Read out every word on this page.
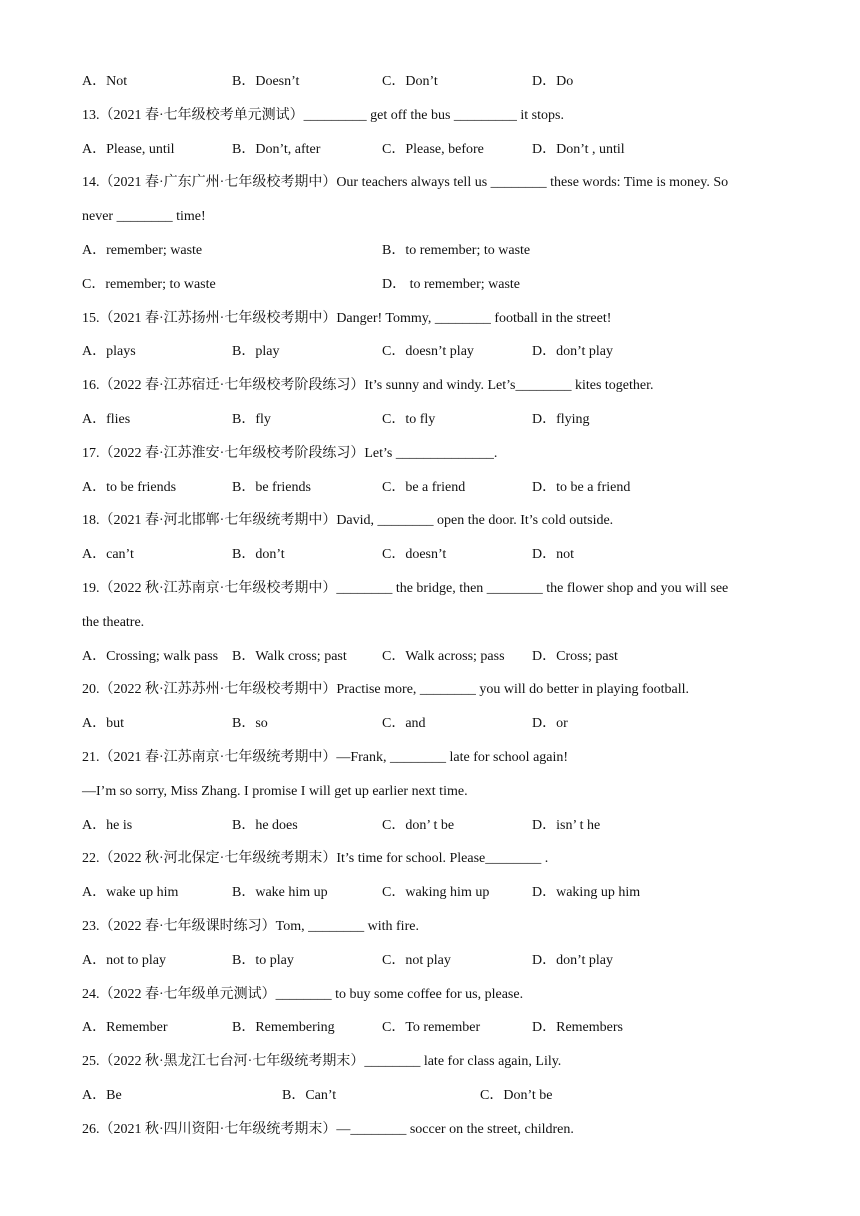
A．Not	B．Doesn’t	C．Don’t	D．Do
13.（2021 春·七年级校考单元测试）_________ get off the bus _________ it stops.
A．Please, until	B．Don’t, after	C．Please, before	D．Don’t , until
14.（2021 春·广东广州·七年级校考期中）Our teachers always tell us ________ these words: Time is money. So
never ________ time!
A．remember; waste	B．to remember; to waste
C．remember; to waste	D． to remember; waste
15.（2021 春·江苏扬州·七年级校考期中）Danger! Tommy, ________ football in the street!
A．plays	B．play	C．doesn’t play	D．don’t play
16.（2022 春·江苏宿迁·七年级校考阶段练习）It’s sunny and windy. Let’s________ kites together.
A．flies	B．fly	C．to fly	D．flying
17.（2022 春·江苏淮安·七年级校考阶段练习）Let’s ______________.
A．to be friends	B．be friends	C．be a friend	D．to be a friend
18.（2021 春·河北邯郸·七年级统考期中）David, ________ open the door. It’s cold outside.
A．can’t	B．don’t	C．doesn’t	D．not
19.（2022 秋·江苏南京·七年级校考期中）________ the bridge, then ________ the flower shop and you will see
the theatre.
A．Crossing; walk pass B．Walk cross; past	C．Walk across; pass D．Cross; past
20.（2022 秋·江苏苏州·七年级校考期中）Practise more, ________ you will do better in playing football.
A．but	B．so	C．and	D．or
21.（2021 春·江苏南京·七年级统考期中）—Frank, ________ late for school again!
—I’m so sorry, Miss Zhang. I promise I will get up earlier next time.
A．he is	B．he does	C．don’ t be	D．isn’ t he
22.（2022 秋·河北保定·七年级统考期末）It’s time for school. Please________ .
A．wake up him	B．wake him up	C．waking him up	D．waking up him
23.（2022 春·七年级课时练习）Tom, ________ with fire.
A．not to play	B．to play	C．not play	D．don’t play
24.（2022 春·七年级单元测试）________ to buy some coffee for us, please.
A．Remember	B．Remembering	C．To remember	D．Remembers
25.（2022 秋·黑龙江七台河·七年级统考期末）________ late for class again, Lily.
A．Be	B．Can’t	C．Don’t be
26.（2021 秋·四川资阳·七年级统考期末）—________ soccer on the street, children.
